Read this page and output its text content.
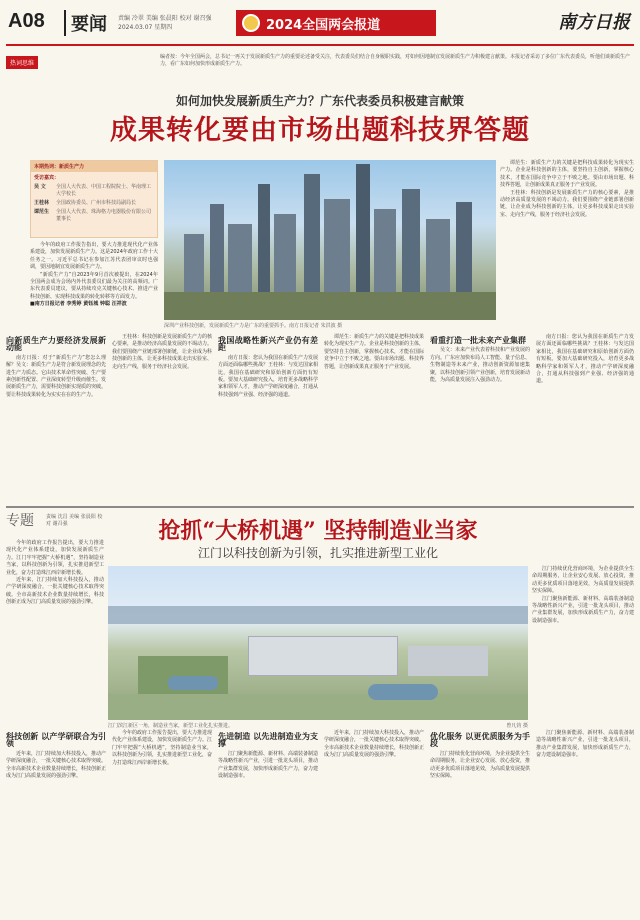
A08	要闻 责编 冷翠 美编 张晨阳 校对 谢召强
2024.03.07 星期四	2024全国两会报道	南方日报
热词思维
编者按：今年全国两会，总书记一再关于发展新质生产力的重要论述备受关注，代表委员们结合自身履职实践，对如何因地制宜发展新质生产力积极建言献策。本报记者采访了多位广东代表委员，听他们谈新质生产力，看广东如何加快形成新质生产力。
如何加快发展新质生产力？广东代表委员积极建言献策
成果转化要由市场出题科技界答题
本期热词：新质生产力
受访嘉宾：
吴 文	全国人大代表、中国工程院院士、华南理工大学校长
王桂林	全国政协委员、广州市科技局副局长
谭范生	全国人大代表、珠海格力电器股份有限公司董事长
深圳产业科技创新，发展新质生产力是广东的重要抓手。南方日报记者 朱洪波 摄

今年的政府工作报告指出，要大力推进现代化产业体系建设，加快发展新质生产力。这是2024年政府工作十大任务之一。习近平总书记在参加江苏代表团审议时也强调，要因地制宜发展新质生产力。

“新质生产力”自2023年9月首次被提出，在2024年全国两会成为会场内外代表委员们最为关注的高频词。广东代表委员建议，要从持续攻克关键核心技术、推进产业科技创新、实现科技成果的转化转移等方面发力。

■南方日报记者 李秀婷 黄钰城 钟聪 汪祥波

谭范生：新质生产力的关键是把科技成果转化为现实生产力。企业是科技创新的主体，要坚持自主创新，掌握核心技术，才能在国际竞争中立于不败之地。要由市场出题、科技界答题，让创新成果真正服务于产业发展。

王桂林：科技创新是发展新质生产力的核心要素，是推动经济高质量发展的不竭动力。我们要围绕产业链部署创新链，让企业成为科技创新的主体，让更多科技成果走出实验室、走向生产线，服务于经济社会发展。

向新质生产力要经济发展新动能

南方日报：对于“新质生产力”您怎么理解？吴文：新质生产力是符合新发展理念的先进生产力质态。它由技术革命性突破、生产要素创新性配置、产业深度转型升级而催生。发展新质生产力，需要科技创新实现质的突破。要让科技成果转化为实实在在的生产力。

王桂林：科技创新是发展新质生产力的核心要素，是推动经济高质量发展的不竭动力。我们要围绕产业链部署创新链，让企业成为科技创新的主体，让更多科技成果走出实验室、走向生产线，服务于经济社会发展。

我国战略性新兴产业仍有差距

南方日报：您认为我国在新质生产力发展方面还面临哪些挑战？王桂林：与发达国家相比，我国在基础研究和原始创新方面仍有短板。要加大基础研究投入，培育更多战略科学家和领军人才，推动产学研深度融合，打通从科技强到产业强、经济强的通道。

谭范生：新质生产力的关键是把科技成果转化为现实生产力。企业是科技创新的主体，要坚持自主创新，掌握核心技术，才能在国际竞争中立于不败之地。要由市场出题、科技界答题，让创新成果真正服务于产业发展。

看重打造一批未来产业集群

吴文：未来产业代表着科技和产业发展的方向。广东应加快布局人工智能、量子信息、生物制造等未来产业，推动创新资源加速集聚，以科技创新引领产业创新，培育发展新动能，为高质量发展注入强劲动力。

南方日报：您认为我国在新质生产力发展方面还面临哪些挑战？王桂林：与发达国家相比，我国在基础研究和原始创新方面仍有短板。要加大基础研究投入，培育更多战略科学家和领军人才，推动产学研深度融合，打通从科技强到产业强、经济强的通道。

专题 责编 沈昌 美编 张晨阳 校对 谢召强	抢抓“大桥机遇” 坚持制造业当家
江门以科技创新为引领，扎实推进新型工业化

今年的政府工作报告提出，要大力推进现代化产业体系建设，加快发展新质生产力。江门牢牢把握“大桥机遇”，坚持制造业当家，以科技创新为引领，扎实推进新型工业化，奋力打造珠江西岸新增长极。

近年来，江门持续加大科技投入，推动产学研深度融合，一批关键核心技术取得突破。全市高新技术企业数量持续增长，科技创新正成为江门高质量发展的强劲引擎。

江门滨江新区一角，制造业当家，新型工业化扎实推进。	曾凡钧 摄

江门持续优化营商环境，为企业提供全生命周期服务，让企业安心发展、放心投资，推动更多优质项目落地见效，为高质量发展提供坚实保障。

江门聚焦新能源、新材料、高端装备制造等战略性新兴产业，引进一批龙头项目，推动产业集群发展，加快形成新质生产力，奋力建设制造强市。

科技创新 以产学研联合为引领

近年来，江门持续加大科技投入，推动产学研深度融合，一批关键核心技术取得突破。全市高新技术企业数量持续增长，科技创新正成为江门高质量发展的强劲引擎。

今年的政府工作报告提出，要大力推进现代化产业体系建设，加快发展新质生产力。江门牢牢把握“大桥机遇”，坚持制造业当家，以科技创新为引领，扎实推进新型工业化，奋力打造珠江西岸新增长极。

先进制造 以先进制造业为支撑

江门聚焦新能源、新材料、高端装备制造等战略性新兴产业，引进一批龙头项目，推动产业集群发展，加快形成新质生产力，奋力建设制造强市。

近年来，江门持续加大科技投入，推动产学研深度融合，一批关键核心技术取得突破。全市高新技术企业数量持续增长，科技创新正成为江门高质量发展的强劲引擎。

优化服务 以更优质服务为手段

江门持续优化营商环境，为企业提供全生命周期服务，让企业安心发展、放心投资，推动更多优质项目落地见效，为高质量发展提供坚实保障。

江门聚焦新能源、新材料、高端装备制造等战略性新兴产业，引进一批龙头项目，推动产业集群发展，加快形成新质生产力，奋力建设制造强市。
